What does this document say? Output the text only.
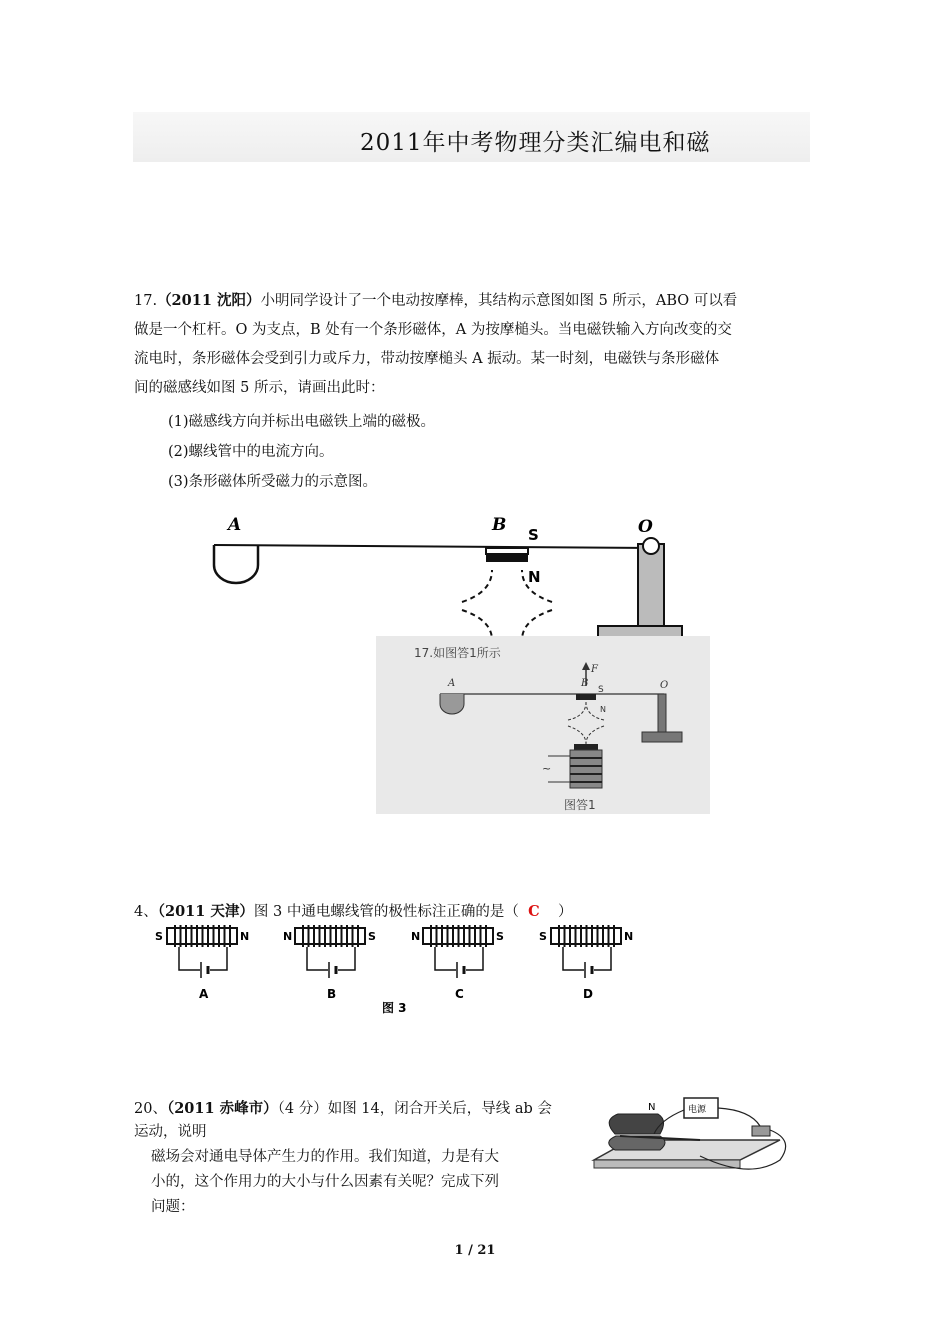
2011年中考物理分类汇编电和磁
17.（2011 沈阳）小明同学设计了一个电动按摩棒，其结构示意图如图 5 所示，ABO 可以看
做是一个杠杆。O 为支点，B 处有一个条形磁体，A 为按摩槌头。当电磁铁输入方向改变的交
流电时，条形磁体会受到引力或斥力，带动按摩槌头 A 振动。某一时刻，电磁铁与条形磁体
间的磁感线如图 5 所示，请画出此时：
(1)磁感线方向并标出电磁铁上端的磁极。
(2)螺线管中的电流方向。
(3)条形磁体所受磁力的示意图。
A	B S
N
O
17.如图答1所示
F
A	B
S	O
N
~
图答1
4、（2011 天津）图 3 中通电螺线管的极性标注正确的是（ C ）
S	N
A
N	S
B
N	S
C
S	N
D
图 3
20、（2011 赤峰市）（4 分）如图 14，闭合开关后，导线 ab 会
运动，说明
磁场会对通电导体产生力的作用。我们知道，力是有大
小的，这个作用力的大小与什么因素有关呢？完成下列
问题：
N	电源
1 / 21
